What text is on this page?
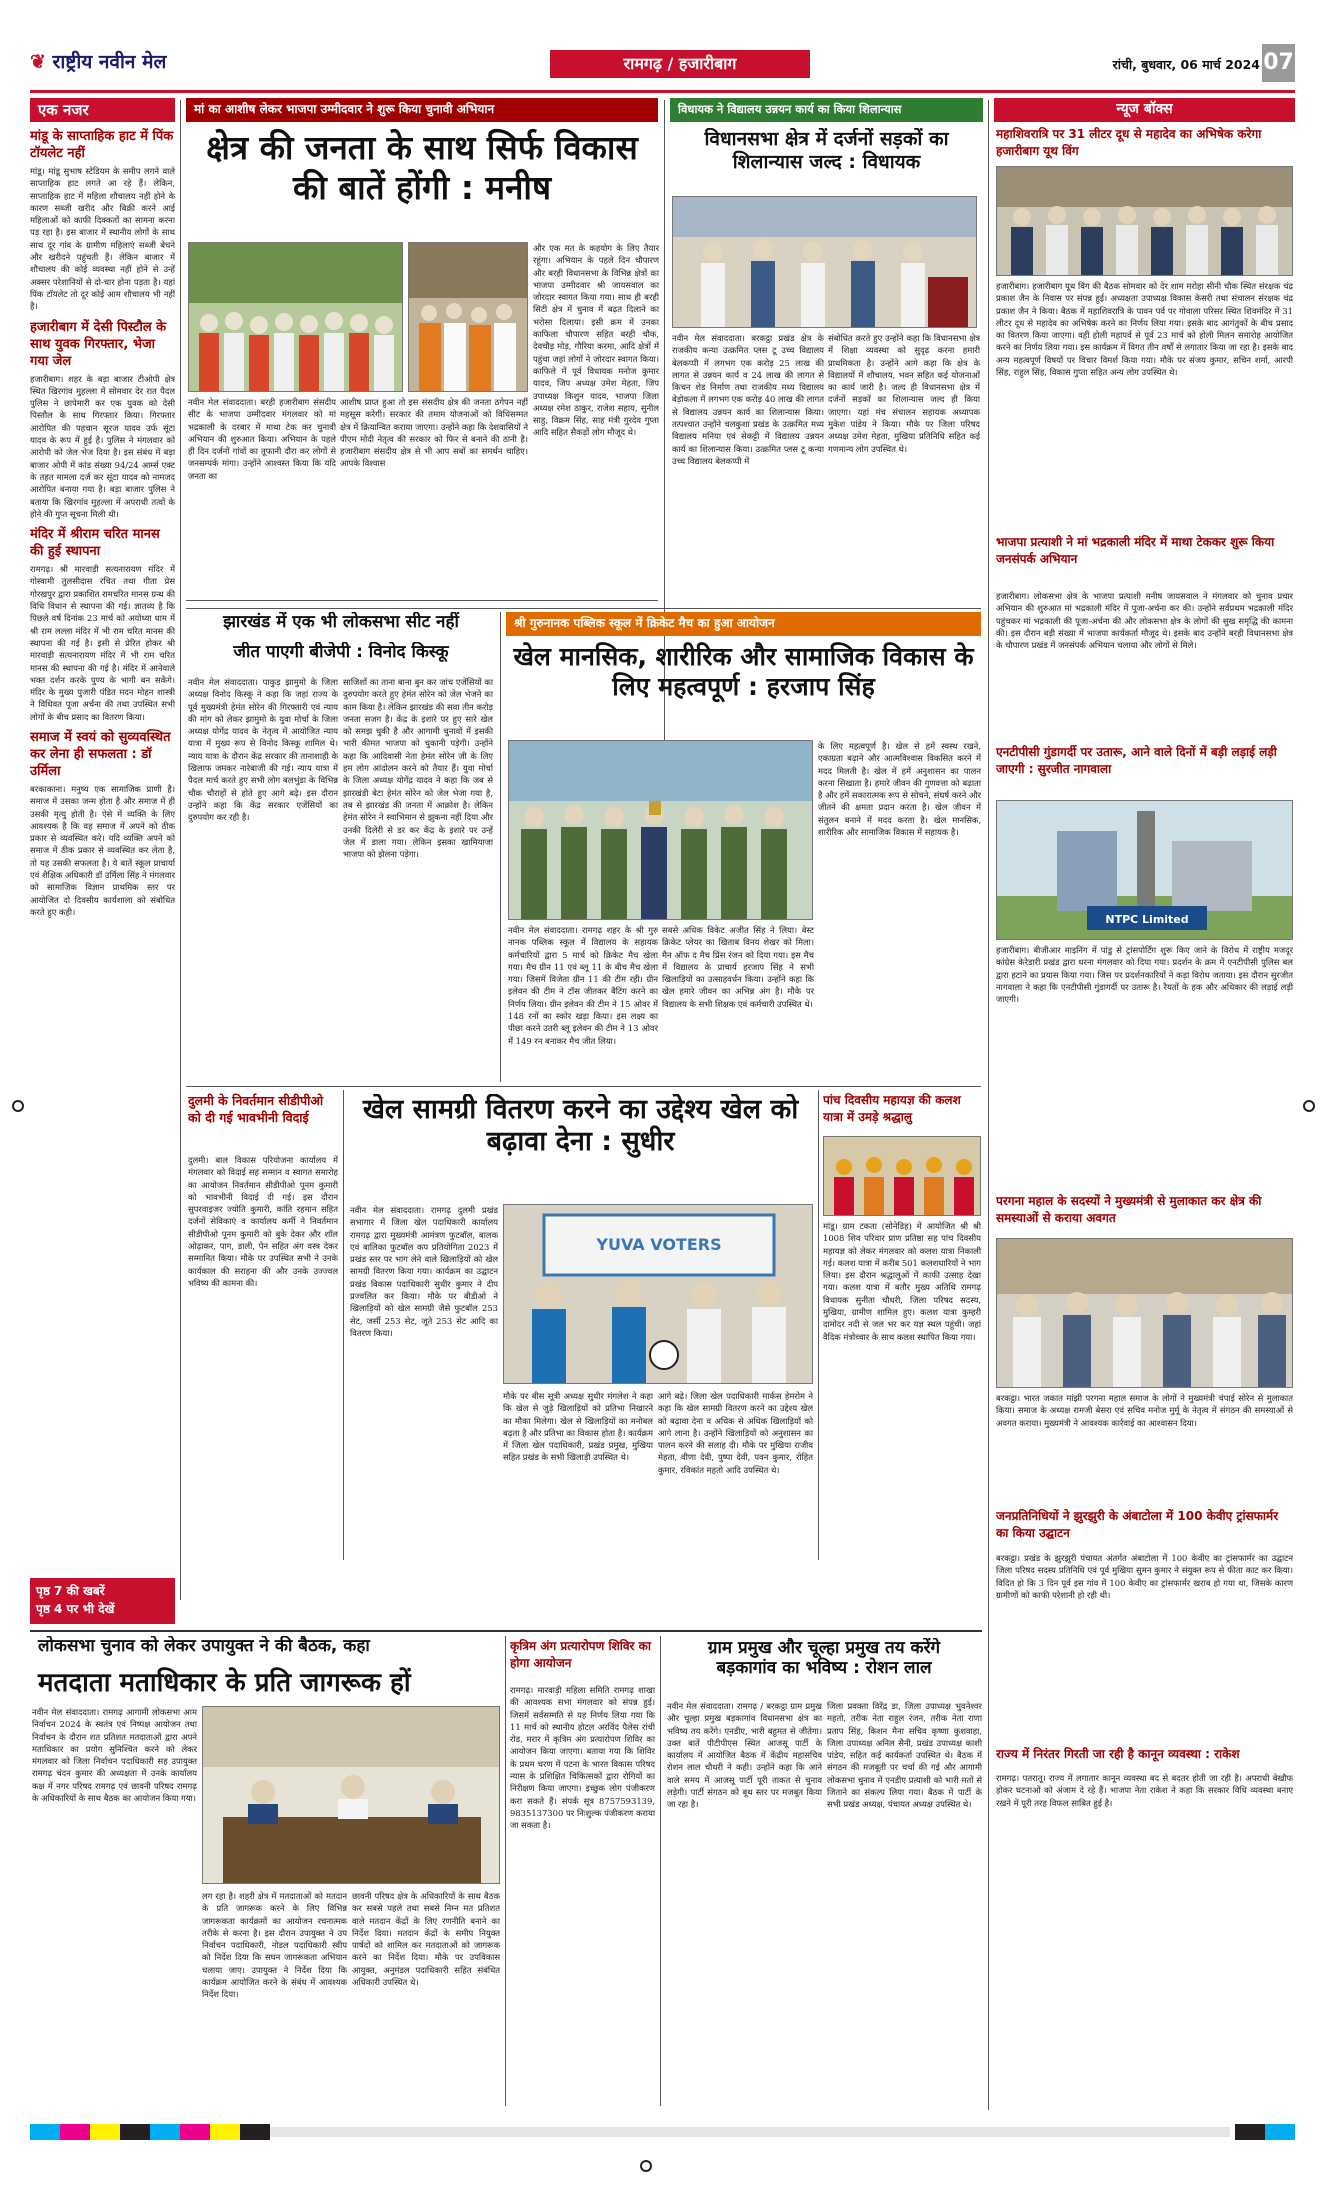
❦ राष्ट्रीय नवीन मेल	रामगढ़ / हजारीबाग	रांची, बुधवार, 06 मार्च 2024 07
एक नजर
मांडू के साप्ताहिक हाट में पिंक टॉयलेट नहीं
मांडू। मांडू सुभाष स्टेडियम के समीप लगने वाले साप्ताहिक हाट लगते आ रहे हैं। लेकिन, साप्ताहिक हाट में महिला शौचालय नहीं होने के कारण सब्जी खरीद और बिक्री करने आई महिलाओं को काफी दिक्कतों का सामना करना पड़ रहा है। इस बाजार में स्थानीय लोगों के साथ साथ दूर गांव के ग्रामीण महिलाएं सब्जी बेचने और खरीदने पहुंचती हैं। लेकिन बाजार में शौचालय की कोई व्यवस्था नहीं होने से उन्हें अक्सर परेशानियों से दो-चार होना पड़ता है। यहां पिंक टॉयलेट तो दूर कोई आम शौचालय भी नहीं है।
हजारीबाग में देसी पिस्टौल के साथ युवक गिरफ्तार, भेजा गया जेल
हजारीबाग। शहर के बड़ा बाजार टीओपी क्षेत्र स्थित खिरगांव मुहल्ला में सोमवार देर रात पैदल पुलिस ने छापेमारी कर एक युवक को देसी पिस्तौल के साथ गिरफ्तार किया। गिरफ्तार आरोपित की पहचान सूरज यादव उर्फ सूंटा यादव के रूप में हुई है। पुलिस ने मंगलवार को आरोपी को जेल भेज दिया है। इस संबंध में बड़ा बाजार ओपी में कांड संख्या 94/24 आर्म्स एक्ट के तहत मामला दर्ज कर सूंटा यादव को नामजद आरोपित बनाया गया है। बड़ा बाजार पुलिस ने बताया कि खिरगांव मुहल्ला में अपराधी तत्वों के होने की गुप्त सूचना मिली थी।
मंदिर में श्रीराम चरित मानस की हुई स्थापना
रामगढ़। श्री मारवाड़ी सत्यनारायण मंदिर में गोस्वामी तुलसीदास रचित तथा गीता प्रेस गोरखपुर द्वारा प्रकाशित रामचरित मानस ग्रन्थ की विधि विधान से स्थापना की गई। ज्ञातव्य है कि पिछले वर्ष दिनांक 23 मार्च को अयोध्या धाम में श्री राम लल्ला मंदिर में भी राम चरित मानस की स्थापना की गई है। इसी से प्रेरित होकर श्री मारवाड़ी सत्यनारायण मंदिर में भी राम चरित मानस की स्थापना की गई है। मंदिर में आनेवाले भक्त दर्शन करके पुण्य के भागी बन सकेंगे। मंदिर के मुख्य पुजारी पंडित मदन मोहन शास्त्री ने विधिवत पूजा अर्चना की तथा उपस्थित सभी लोगों के बीच प्रसाद का वितरण किया।
समाज में स्वयं को सुव्यवस्थित कर लेना ही सफलता : डॉ उर्मिला
बरकाकाना। मनुष्य एक सामाजिक प्राणी है। समाज में उसका जन्म होता है और समाज में ही उसकी मृत्यु होती है। ऐसे में व्यक्ति के लिए आवश्यक है कि वह समाज में अपने को ठीक प्रकार से व्यवस्थित करे। यदि व्यक्ति अपने को समाज में ठीक प्रकार से व्यवस्थित कर लेता है, तो यह उसकी सफलता है। ये बातें स्कूल प्राचार्या एवं शैक्षिक अधिकारी डॉ उर्मिला सिंह ने मंगलवार को सामाजिक विज्ञान प्राथमिक स्तर पर आयोजित दो दिवसीय कार्यशाला को संबोधित करते हुए कही।
पृष्ठ 7 की खबरें
पृष्ठ 4 पर भी देखें
मां का आशीष लेकर भाजपा उम्मीदवार ने शुरू किया चुनावी अभियान
क्षेत्र की जनता के साथ सिर्फ विकास की बातें होंगी : मनीष
नवीन मेल संवाददाता। बरही हजारीबाग संसदीय सीट के भाजपा उम्मीदवार मंगलवार को मां भद्रकाली के दरबार में माथा टेक कर चुनावी अभियान की शुरुआत किया। अभियान के पहले ही दिन दर्जनों गांवों का तूफानी दौरा कर लोगों से जनसम्पर्क मांगा। उन्होंने आश्वस्त किया कि यदि जनता का
आशीष प्राप्त हुआ तो इस संसदीय क्षेत्र की जनता ठगेपन नहीं महसूस करेगी। सरकार की तमाम योजनाओं को विधिसम्मत क्षेत्र में क्रियान्वित कराया जाएगा। उन्होंने कहा कि देशवासियों ने पीएम मोदी नेतृत्व की सरकार को फिर से बनाने की ठानी है। हजारीबाग संसदीय क्षेत्र से भी आप सबों का समर्थन चाहिए। आपके विश्वास
और एक मत के कहयोग के लिए तैयार रहूंगा। अभियान के पहले दिन चौपारण और बरही विधानसभा के विभिन्न क्षेत्रों का भाजपा उम्मीदवार श्री जायसवाल का जोरदार स्वागत किया गया। साथ ही बरही सिटी क्षेत्र में चुनाव में बढ़त दिलाने का भरोसा दिलाया। इसी क्रम में उनका काफिला चौपारण सहित बरही चौक, देवचौड़ मोड़, गौरिया करमा, आदि क्षेत्रों में पहुंचा जहां लोगों ने जोरदार स्वागत किया। काफिले में पूर्व विधायक मनोज कुमार यादव, जिप अध्यक्ष उमेश मेहता, जिप उपाध्यक्ष किशुन यादव, भाजपा जिला अध्यक्ष रमेश ठाकुर, राजेश सहाय, सुनील साहु, विक्रम सिंह, साह मंत्री गुरदेव गुप्ता आदि सहित सैकड़ों लोग मौजूद थे।
विधायक ने विद्यालय उन्नयन कार्य का किया शिलान्यास
विधानसभा क्षेत्र में दर्जनों सड़कों का शिलान्यास जल्द : विधायक
नवीन मेल संवाददाता। बरकट्ठा प्रखंड क्षेत्र के राजकीय कन्या उत्क्रमित प्लस टू उच्च विद्यालय बेलकप्पी में लगभग एक करोड़ 25 लाख की लागत से उन्नयन कार्य व 24 लाख की लागत से किचन शेड निर्माण तथा राजकीय मध्य विद्यालय बेड़ोकला में लगभग एक करोड़ 40 लाख की लागत से विद्यालय उन्नयन कार्य का शिलान्यास किया। तत्पश्चात उन्होंने चलकुशा प्रखंड के उत्क्रमित मध्य विद्यालय मनिया एवं सेकट्टी में विद्यालय उन्नयन कार्य का शिलान्यास किया। उत्क्रमित प्लस टू कन्या उच्च विद्यालय बेलकप्पी में
संबोधित करते हुए उन्होंने कहा कि विधानसभा क्षेत्र में शिक्षा व्यवस्था को सुदृढ़ करना हमारी प्राथमिकता है। उन्होंने आगे कहा कि क्षेत्र के विद्यालयों में शौचालय, भवन सहित कई योजनाओं का कार्य जारी है। जल्द ही विधानसभा क्षेत्र में दर्जनों सड़कों का शिलान्यास जल्द ही किया जाएगा। यहां मंच संचालन सहायक अध्यापक मुकेश पांडेय ने किया। मौके पर जिला परिषद अध्यक्ष उमेश मेहता, मुखिया प्रतिनिधि सहित कई गणमान्य लोग उपस्थित थे।
झारखंड में एक भी लोकसभा सीट नहीं
जीत पाएगी बीजेपी : विनोद किस्कू
नवीन मेल संवाददाता। पाकुड़ झामुमो के जिला अध्यक्ष विनोद किस्कू ने कहा कि जहां राज्य के पूर्व मुख्यमंत्री हेमंत सोरेन की गिरफ्तारी एवं न्याय की मांग को लेकर झामुमो के युवा मोर्चा के जिला अध्यक्ष योगेंद्र यादव के नेतृत्व में आयोजित न्याय यात्रा में मुख्य रूप से विनोद किस्कू शामिल थे। न्याय यात्रा के दौरान केंद्र सरकार की तानाशाही के खिलाफ जमकर नारेबाजी की गई। न्याय यात्रा में पैदल मार्च करते हुए सभी लोग बलभुंडा के विभिन्न चौक चौराहों से होते हुए आगे बढ़े। इस दौरान उन्होंने कहा कि केंद्र सरकार एजेंसियों का दुरुपयोग कर रही है।
साजिशों का ताना बाना बुन कर जांच एजेंसियों का दुरुपयोग करते हुए हेमंत सोरेन को जेल भेजने का काम किया है। लेकिन झारखंड की सवा तीन करोड़ जनता सजग है। केंद्र के इशारे पर हुए सारे खेल को समझ चुकी है और आगामी चुनावों में इसकी भारी कीमत भाजपा को चुकानी पड़ेगी। उन्होंने कहा कि आदिवासी नेता हेमंत सोरेन जी के लिए हम लोग आंदोलन करने को तैयार हैं। युवा मोर्चा के जिला अध्यक्ष योगेंद्र यादव ने कहा कि जब से झारखंडी बेटा हेमंत सोरेन को जेल भेजा गया है, तब से झारखंड की जनता में आक्रोश है। लेकिन हेमंत सोरेन ने स्वाभिमान से झुकना नहीं दिया और उनकी दिलेरी से डर कर केंद्र के इशारे पर उन्हें जेल में डाला गया। लेकिन इसका खामियाजा भाजपा को झेलना पड़ेगा।
श्री गुरुनानक पब्लिक स्कूल में क्रिकेट मैच का हुआ आयोजन
खेल मानसिक, शारीरिक और सामाजिक विकास के लिए महत्वपूर्ण : हरजाप सिंह
के लिए महत्वपूर्ण है। खेल से हमें स्वस्थ रखने, एकाग्रता बढ़ाने और आत्मविश्वास विकसित करने में मदद मिलती है। खेल में हमें अनुशासन का पालन करना सिखाता है। हमारे जीवन की गुणवत्ता को बढ़ाता है और हमें सकारात्मक रूप से सोचने, संघर्ष करने और जीतने की क्षमता प्रदान करता है। खेल जीवन में संतुलन बनाने में मदद करता है। खेल मानसिक, शारीरिक और सामाजिक विकास में सहायक है।
नवीन मेल संवाददाता। रामगढ़ शहर के श्री गुरु नानक पब्लिक स्कूल में विद्यालय के सहायक कर्मचारियों द्वारा 5 मार्च को क्रिकेट मैच खेला गया। मैच ग्रीन 11 एवं ब्लू 11 के बीच मैच खेला गया। जिसमें विजेता ग्रीन 11 की टीम रही। ग्रीन इलेवन की टीम ने टॉस जीतकर बैटिंग करने का निर्णय लिया। ग्रीन इलेवन की टीम ने 15 ओवर में 148 रनों का स्कोर खड़ा किया। इस लक्ष्य का पीछा करने उतरी ब्लू इलेवन की टीम ने 13 ओवर में 149 रन बनाकर मैच जीत लिया।
सबसे अधिक विकेट अजीत सिंह ने लिया। बेस्ट क्रिकेट प्लेयर का खिताब विनय शेखर को मिला। मैन ऑफ द मैच प्रिंस रंजन को दिया गया। इस मैच में विद्यालय के प्राचार्य हरजाप सिंह ने सभी खिलाड़ियों का उत्साहवर्धन किया। उन्होंने कहा कि खेल हमारे जीवन का अभिन्न अंग है। मौके पर विद्यालय के सभी शिक्षक एवं कर्मचारी उपस्थित थे।
दुलमी के निवर्तमान सीडीपीओ को दी गई भावभीनी विदाई
दुलमी। बाल विकास परियोजना कार्यालय में मंगलवार को विदाई सह सम्मान व स्वागत समारोह का आयोजन निवर्तमान सीडीपीओ पूनम कुमारी को भावभीनी विदाई दी गई। इस दौरान सुपरवाइजर ज्योति कुमारी, कांति रहमान सहित दर्जनों सेविकाएं व कार्यालय कर्मी ने निवर्तमान सीडीपीओ पूनम कुमारी को बुके देकर और शॉल ओढ़ाकर, पाग, डाली, पेन सहित अंग वस्त्र देकर सम्मानित किया। मौके पर उपस्थित सभी ने उनके कार्यकाल की सराहना की और उनके उज्ज्वल भविष्य की कामना की।
खेल सामग्री वितरण करने का उद्देश्य खेल को बढ़ावा देना : सुधीर
नवीन मेल संवाददाता। रामगढ़ दुलमी प्रखंड सभागार में जिला खेल पदाधिकारी कार्यालय रामगढ़ द्वारा मुख्यमंत्री आमंत्रण फुटबॉल, बालक एवं बालिका फुटबॉल कप प्रतियोगिता 2023 में प्रखंड स्तर पर भाग लेने वाले खिलाड़ियों को खेल सामग्री वितरण किया गया। कार्यक्रम का उद्घाटन प्रखंड विकास पदाधिकारी सुधीर कुमार ने दीप प्रज्वलित कर किया। मौके पर बीडीओ ने खिलाड़ियों को खेल सामग्री जैसे फुटबॉल 253 सेट, जर्सी 253 सेट, जूते 253 सेट आदि का वितरण किया।
YUVA VOTERS
मौके पर बीस सूत्री अध्यक्ष सुधीर मंगलेश ने कहा कि खेल से जुड़े खिलाड़ियों को प्रतिभा निखारने का मौका मिलेगा। खेल से खिलाड़ियों का मनोबल बढ़ता है और प्रतिभा का विकास होता है। कार्यक्रम में जिला खेल पदाधिकारी, प्रखंड प्रमुख, मुखिया सहित प्रखंड के सभी खिलाड़ी उपस्थित थे।
आगे बढ़े। जिला खेल पदाधिकारी मार्कस हेमरोम ने कहा कि खेल सामग्री वितरण करने का उद्देश्य खेल को बढ़ावा देना व अधिक से अधिक खिलाड़ियों को आगे लाना है। उन्होंने खिलाड़ियों को अनुशासन का पालन करने की सलाह दी। मौके पर मुखिया राजीव मेहता, वीणा देवी, पुष्पा देवी, पवन कुमार, रोहित कुमार, रविकांत महतो आदि उपस्थित थे।
पांच दिवसीय महायज्ञ की कलश यात्रा में उमड़े श्रद्धालु
मांडू। ग्राम टकता (सोनेडिह) में आयोजित श्री श्री 1008 शिव परिवार प्राण प्रतिष्ठा सह पांच दिवसीय महायज्ञ को लेकर मंगलवार को कलश यात्रा निकाली गई। कलश यात्रा में करीब 501 कलशधारियों ने भाग लिया। इस दौरान श्रद्धालुओं में काफी उत्साह देखा गया। कलश यात्रा में बतौर मुख्य अतिथि रामगढ़ विधायक सुनीता चौधरी, जिला परिषद सदस्य, मुखिया, ग्रामीण शामिल हुए। कलश यात्रा कुम्हरी दामोदर नदी से जल भर कर यज्ञ स्थल पहुंची। जहां वैदिक मंत्रोच्चार के साथ कलश स्थापित किया गया।
लोकसभा चुनाव को लेकर उपायुक्त ने की बैठक, कहा
मतदाता मताधिकार के प्रति जागरूक हों
नवीन मेल संवाददाता। रामगढ़ आगामी लोकसभा आम निर्वाचन 2024 के स्वतंत्र एवं निष्पक्ष आयोजन तथा निर्वाचन के दौरान शत प्रतिशत मतदाताओं द्वारा अपने मताधिकार का प्रयोग सुनिश्चित करने को लेकर मंगलवार को जिला निर्वाचन पदाधिकारी सह उपायुक्त रामगढ़ चंदन कुमार की अध्यक्षता में उनके कार्यालय कक्ष में नगर परिषद रामगढ़ एवं छावनी परिषद रामगढ़ के अधिकारियों के साथ बैठक का आयोजन किया गया।
लग रहा है। शहरी क्षेत्र में मतदाताओं को मतदान के प्रति जागरूक करने के लिए विभिन्न जागरूकता कार्यक्रमों का आयोजन रचनात्मक तरीके से करना है। इस दौरान उपायुक्त ने उप निर्वाचन पदाधिकारी, नोडल पदाधिकारी स्वीप को निर्देश दिया कि सघन जागरूकता अभियान चलाया जाए। उपायुक्त ने निर्देश दिया कि कार्यक्रम आयोजित करने के संबंध में आवश्यक निर्देश दिया।
छावनी परिषद क्षेत्र के अधिकारियों के साथ बैठक कर सबसे पहले तथा सबसे निम्न मत प्रतिशत वाले मतदान केंद्रों के लिए रणनीति बनाने का निर्देश दिया। मतदान केंद्रों के समीप नियुक्त पार्षदों को शामिल कर मतदाताओं को जागरूक करने का निर्देश दिया। मौके पर उपविकास आयुक्त, अनुमंडल पदाधिकारी सहित संबंधित अधिकारी उपस्थित थे।
कृत्रिम अंग प्रत्यारोपण शिविर का होगा आयोजन
रामगढ़। मारवाड़ी महिला समिति रामगढ़ शाखा की आवश्यक सभा मंगलवार को संपन्न हुई। जिसमें सर्वसम्मति से यह निर्णय लिया गया कि 11 मार्च को स्थानीय होटल अरविंद पैलेस रांची रोड, मरार में कृत्रिम अंग प्रत्यारोपण शिविर का आयोजन किया जाएगा। बताया गया कि शिविर के प्रथम चरण में पटना के भारत विकास परिषद न्यास के प्रशिक्षित चिकित्सकों द्वारा रोगियों का निरीक्षण किया जाएगा। इच्छुक लोग पंजीकरण करा सकते हैं। संपर्क सूत्र 8757593139, 9835137300 पर निःशुल्क पंजीकरण कराया जा सकता है।
ग्राम प्रमुख और चूल्हा प्रमुख तय करेंगे
बड़कागांव का भविष्य : रोशन लाल
नवीन मेल संवाददाता। रामगढ़ / बरकट्ठा ग्राम प्रमुख और चूल्हा प्रमुख बड़कागांव विधानसभा क्षेत्र का भविष्य तय करेंगे। एनडीए, भारी बहुमत से जीतेगा। उक्त बातें पीटीपीएस स्थित आजसू पार्टी के कार्यालय में आयोजित बैठक में केंद्रीय महासचिव रोशन लाल चौधरी ने कही। उन्होंने कहा कि आने वाले समय में आजसू पार्टी पूरी ताकत से चुनाव लड़ेगी। पार्टी संगठन को बूथ स्तर पर मजबूत किया जा रहा है।
जिला प्रवक्ता विरेंद्र डा, जिला उपाध्यक्ष भुवनेश्वर महतो, तरीक नेता राहुल रंजन, तरीक नेता राणा प्रताप सिंह, किशन मैना सचिव कृष्णा कुशवाहा, जिला उपाध्यक्ष अनिल सैनी, प्रखंड उपाध्यक्ष काशी पांडेय, सहित कई कार्यकर्ता उपस्थित थे। बैठक में संगठन की मजबूती पर चर्चा की गई और आगामी लोकसभा चुनाव में एनडीए प्रत्याशी को भारी मतों से जिताने का संकल्प लिया गया। बैठक में पार्टी के सभी प्रखंड अध्यक्ष, पंचायत अध्यक्ष उपस्थित थे।
न्यूज बॉक्स
महाशिवरात्रि पर 31 लीटर दूध से महादेव का अभिषेक करेगा हजारीबाग यूथ विंग
हजारीबाग। हजारीबाग यूथ विंग की बैठक सोमवार को देर शाम मरोहा सीनी चौक स्थित संरक्षक चंद्र प्रकाश जैन के निवास पर संपन्न हुई। अध्यक्षता उपाध्यक्ष विकास केसरी तथा संचालन संरक्षक चंद्र प्रकाश जैन ने किया। बैठक में महाशिवरात्रि के पावन पर्व पर गोवाला परिसर स्थित शिवमंदिर में 31 लीटर दूध से महादेव का अभिषेक करने का निर्णय लिया गया। इसके बाद आगंतुकों के बीच प्रसाद का वितरण किया जाएगा। वहीं होली महापर्व से पूर्व 23 मार्च को होली मिलन समारोह आयोजित करने का निर्णय लिया गया। इस कार्यक्रम में विगत तीन वर्षों से लगातार किया जा रहा है। इसके बाद अन्य महत्वपूर्ण विषयों पर विचार विमर्श किया गया। मौके पर संजय कुमार, सचिन शर्मा, आरपी सिंह, राहुल सिंह, विकास गुप्ता सहित अन्य लोग उपस्थित थे।
भाजपा प्रत्याशी ने मां भद्रकाली मंदिर में माथा टेककर शुरू किया जनसंपर्क अभियान
हजारीबाग। लोकसभा क्षेत्र के भाजपा प्रत्याशी मनीष जायसवाल ने मंगलवार को चुनाव प्रचार अभियान की शुरुआत मां भद्रकाली मंदिर में पूजा-अर्चना कर की। उन्होंने सर्वप्रथम भद्रकाली मंदिर पहुंचकर मां भद्रकाली की पूजा-अर्चना की और लोकसभा क्षेत्र के लोगों की सुख समृद्धि की कामना की। इस दौरान बड़ी संख्या में भाजपा कार्यकर्ता मौजूद थे। इसके बाद उन्होंने बरही विधानसभा क्षेत्र के चौपारण प्रखंड में जनसंपर्क अभियान चलाया और लोगों से मिले।
एनटीपीसी गुंडागर्दी पर उतारू, आने वाले दिनों में बड़ी लड़ाई लड़ी जाएगी : सुरजीत नागवाला
NTPC Limited
हजारीबाग। बीजीआर माइनिंग में पांडु से ट्रांसपोर्टिंग शुरू किए जाने के विरोध में राष्ट्रीय मजदूर कांग्रेस केरेडारी प्रखंड द्वारा धरना मंगलवार को दिया गया। प्रदर्शन के क्रम में एनटीपीसी पुलिस बल द्वारा हटाने का प्रयास किया गया। जिस पर प्रदर्शनकारियों ने कड़ा विरोध जताया। इस दौरान सुरजीत नागवाला ने कहा कि एनटीपीसी गुंडागर्दी पर उतारू है। रैयतों के हक और अधिकार की लड़ाई लड़ी जाएगी।
परगना महाल के सदस्यों ने मुख्यमंत्री से मुलाकात कर क्षेत्र की समस्याओं से कराया अवगत
बरकट्ठा। भारत जकात मांझी परगना महाल समाज के लोगों ने मुख्यमंत्री चंपाई सोरेन से मुलाकात किया। समाज के अध्यक्ष रामजी बेसरा एवं सचिव मनोज मुर्मू के नेतृत्व में संगठन की समस्याओं से अवगत कराया। मुख्यमंत्री ने आवश्यक कार्रवाई का आश्वासन दिया।
जनप्रतिनिधियों ने झुरझुरी के अंबाटोला में 100 केवीए ट्रांसफार्मर का किया उद्घाटन
बरकट्ठा। प्रखंड के झुरझुरी पंचायत अंतर्गत अंबाटोला में 100 केवीए का ट्रांसफार्मर का उद्घाटन जिला परिषद सदस्य प्रतिनिधि एवं पूर्व मुखिया सुमन कुमार ने संयुक्त रूप से फीता काट कर किया। विदित हो कि 3 दिन पूर्व इस गांव में 100 केवीए का ट्रांसफार्मर खराब हो गया था, जिसके कारण ग्रामीणों को काफी परेशानी हो रही थी।
राज्य में निरंतर गिरती जा रही है कानून व्यवस्था : राकेश
रामगढ़। पतरातू। राज्य में लगातार कानून व्यवस्था बद से बदतर होती जा रही है। अपराधी बेखौफ होकर घटनाओं को अंजाम दे रहे हैं। भाजपा नेता राकेश ने कहा कि सरकार विधि व्यवस्था बनाए रखने में पूरी तरह विफल साबित हुई है।
